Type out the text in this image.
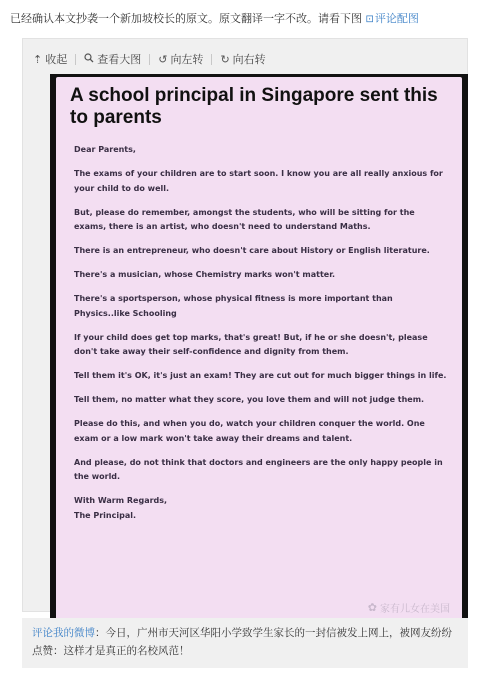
已经确认本文抄袭一个新加坡校长的原文。原文翻译一字不改。请看下图 ⊡评论配图
⇡ 收起	查看大图 ↺ 向左转 ↻ 向右转
A school principal in Singapore sent this to parents

Dear Parents,

The exams of your children are to start soon. I know you are all really anxious for your child to do well.

But, please do remember, amongst the students, who will be sitting for the exams, there is an artist, who doesn't need to understand Maths.

There is an entrepreneur, who doesn't care about History or English literature.

There's a musician, whose Chemistry marks won't matter.

There's a sportsperson, whose physical fitness is more important than Physics..like Schooling

If your child does get top marks, that's great! But, if he or she doesn't, please don't take away their self-confidence and dignity from them.

Tell them it's OK, it's just an exam! They are cut out for much bigger things in life.

Tell them, no matter what they score, you love them and will not judge them.

Please do this, and when you do, watch your children conquer the world. One exam or a low mark won't take away their dreams and talent.

And please, do not think that doctors and engineers are the only happy people in the world.

With Warm Regards,

The Principal.

✿ 家有儿女在美国
评论我的微博：今日，广州市天河区华阳小学致学生家长的一封信被发上网上，被网友纷纷点赞：这样才是真正的名校风范！
